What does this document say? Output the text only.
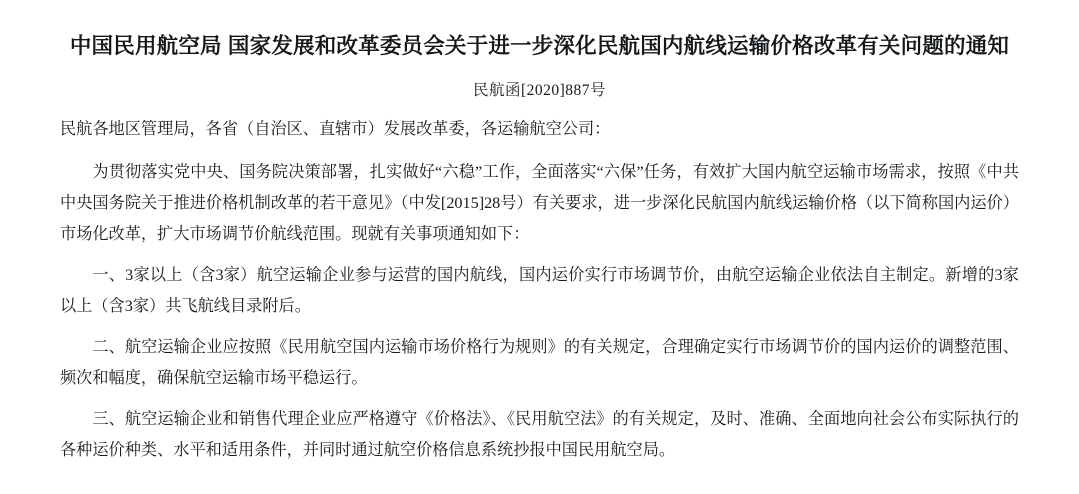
中国民用航空局 国家发展和改革委员会关于进一步深化民航国内航线运输价格改革有关问题的通知
民航函[2020]887号

民航各地区管理局，各省（自治区、直辖市）发展改革委，各运输航空公司：

为贯彻落实党中央、国务院决策部署，扎实做好“六稳”工作，全面落实“六保”任务，有效扩大国内航空运输市场需求，按照《中共中央国务院关于推进价格机制改革的若干意见》（中发[2015]28号）有关要求，进一步深化民航国内航线运输价格（以下简称国内运价）市场化改革，扩大市场调节价航线范围。现就有关事项通知如下：

一、3家以上（含3家）航空运输企业参与运营的国内航线，国内运价实行市场调节价，由航空运输企业依法自主制定。新增的3家以上（含3家）共飞航线目录附后。

二、航空运输企业应按照《民用航空国内运输市场价格行为规则》的有关规定，合理确定实行市场调节价的国内运价的调整范围、频次和幅度，确保航空运输市场平稳运行。

三、航空运输企业和销售代理企业应严格遵守《价格法》、《民用航空法》的有关规定，及时、准确、全面地向社会公布实际执行的各种运价种类、水平和适用条件，并同时通过航空价格信息系统抄报中国民用航空局。
